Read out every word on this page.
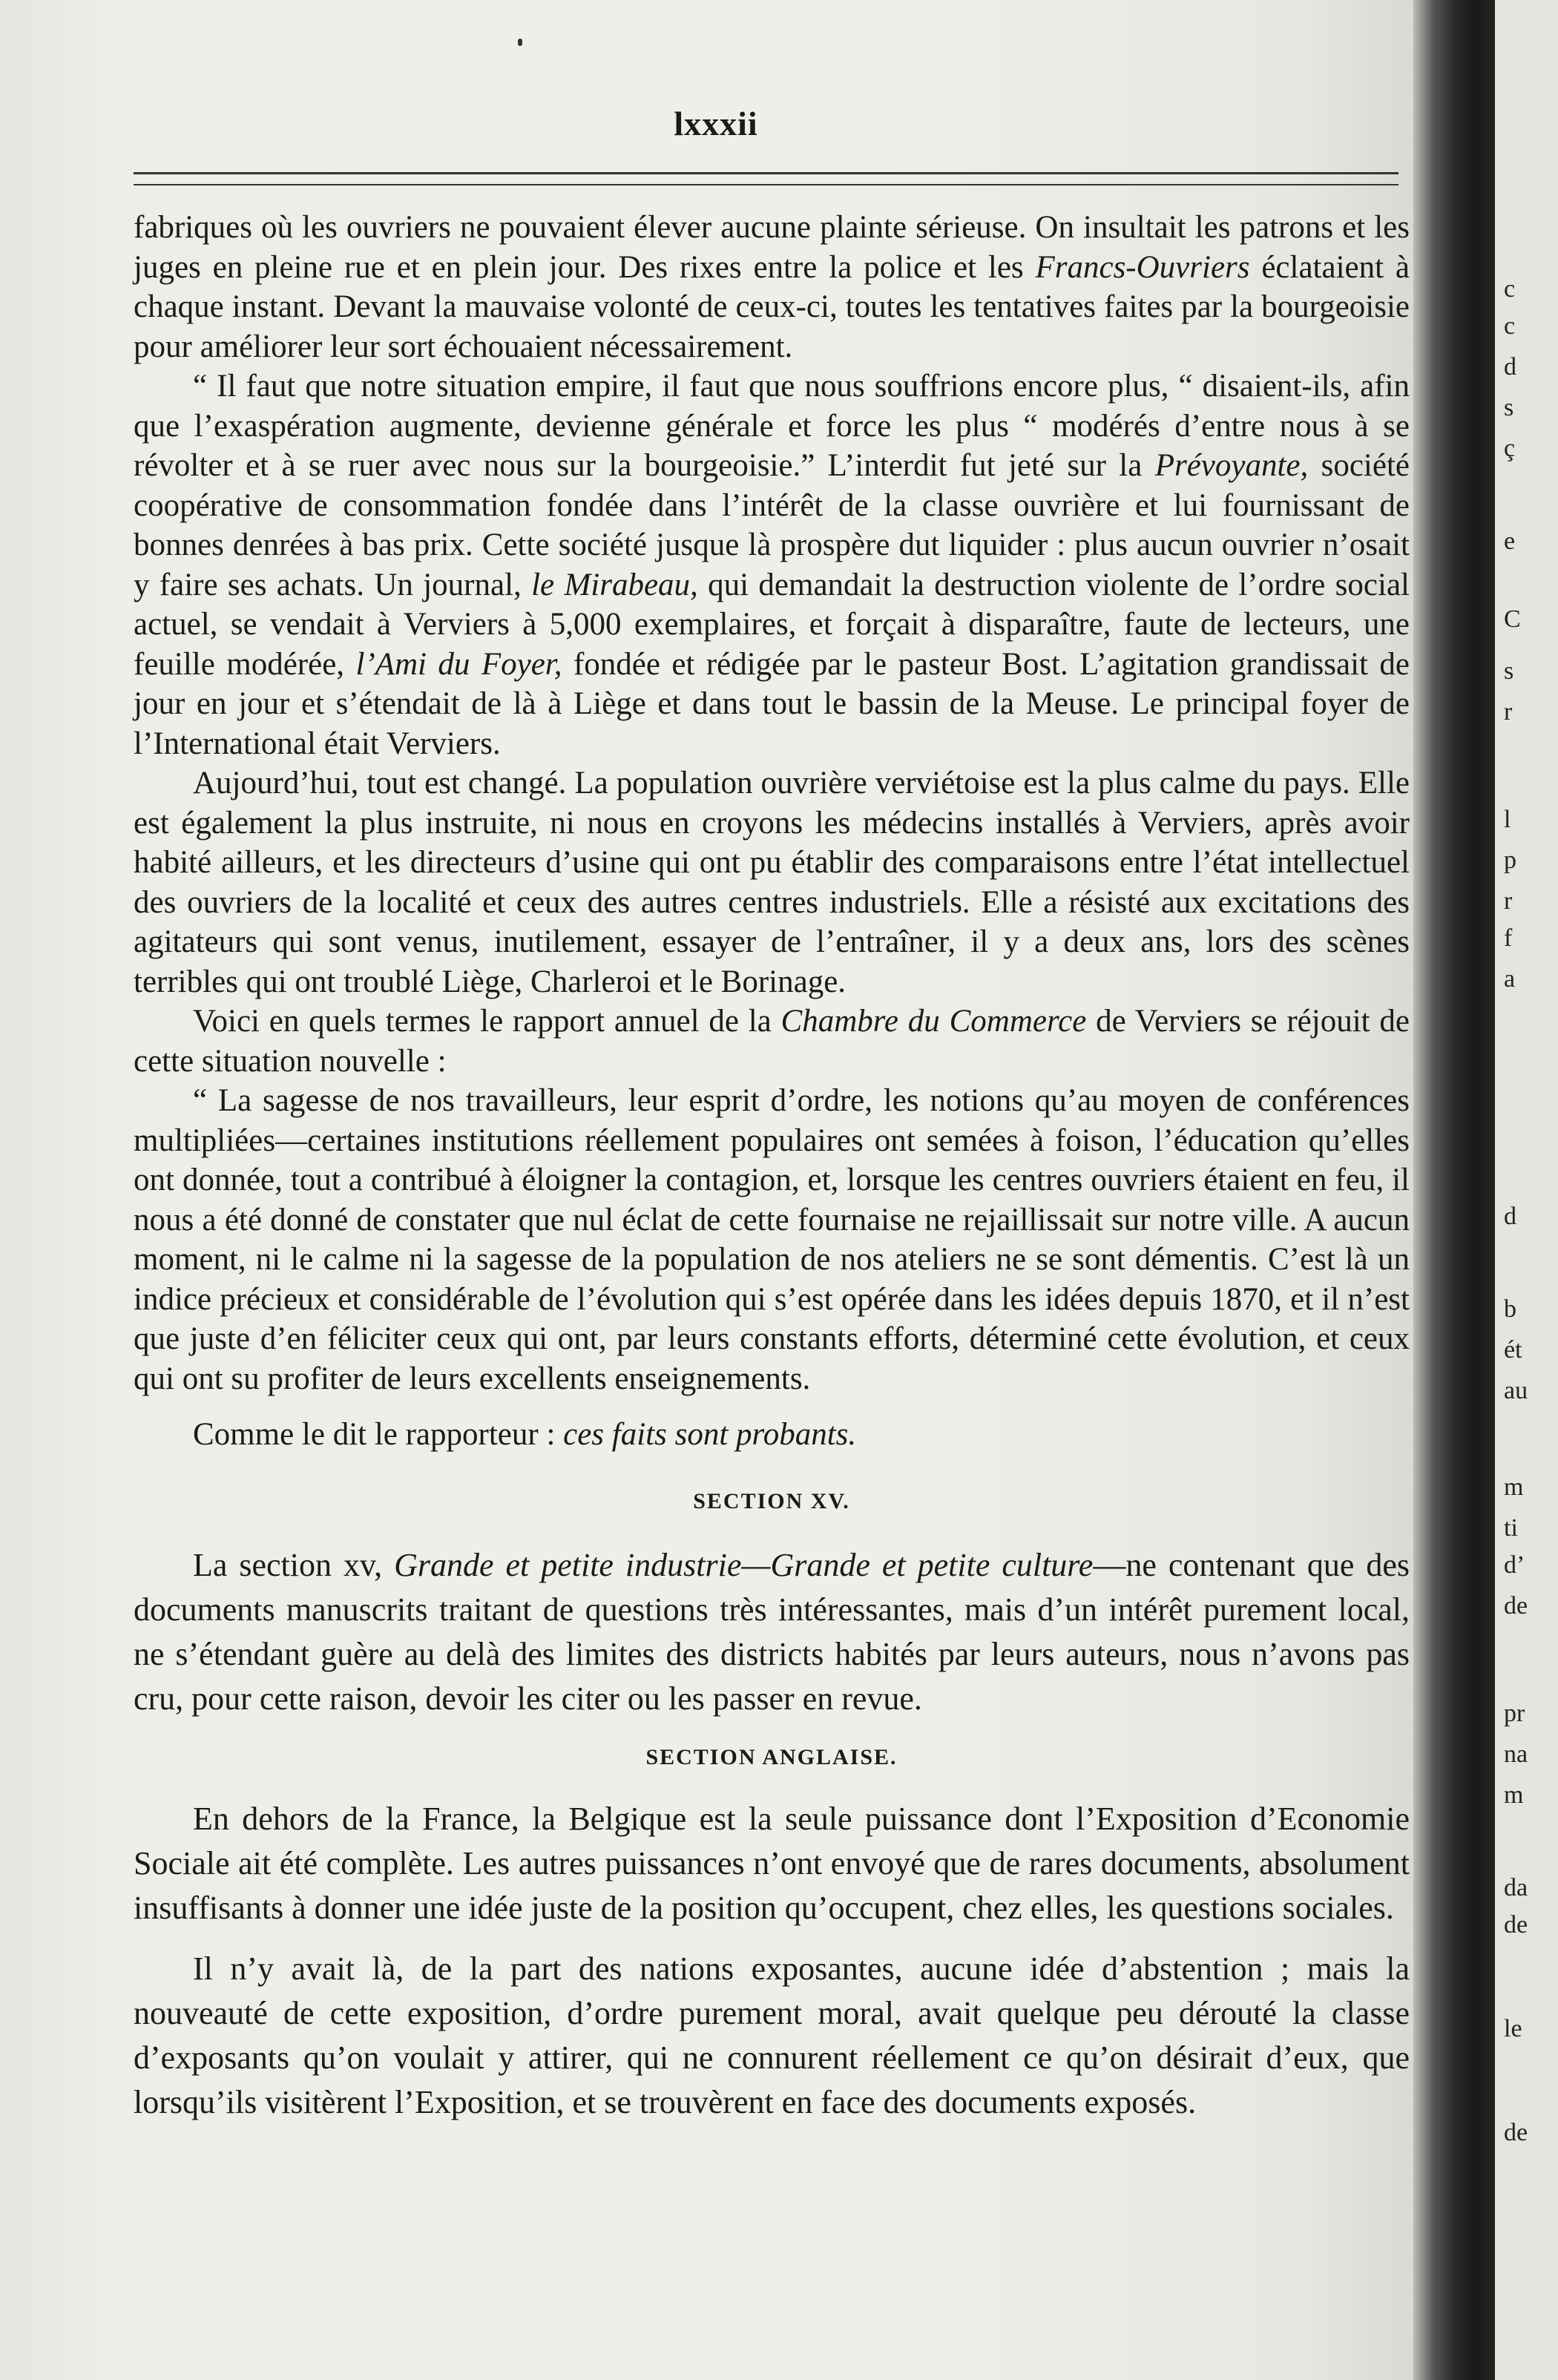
lxxxii

fabriques où les ouvriers ne pouvaient élever aucune plainte sérieuse. On insultait les patrons et les juges en pleine rue et en plein jour. Des rixes entre la police et les Francs-Ouvriers éclataient à chaque instant. Devant la mauvaise volonté de ceux-ci, toutes les tentatives faites par la bourgeoisie pour améliorer leur sort échouaient nécessairement.

“ Il faut que notre situation empire, il faut que nous souffrions encore plus, “ disaient-ils, afin que l’exaspération augmente, devienne générale et force les plus “ modérés d’entre nous à se révolter et à se ruer avec nous sur la bourgeoisie.” L’interdit fut jeté sur la Prévoyante, société coopérative de consommation fondée dans l’intérêt de la classe ouvrière et lui fournissant de bonnes denrées à bas prix. Cette société jusque là prospère dut liquider : plus aucun ouvrier n’osait y faire ses achats. Un journal, le Mirabeau, qui demandait la destruction violente de l’ordre social actuel, se vendait à Verviers à 5,000 exemplaires, et forçait à disparaître, faute de lecteurs, une feuille modérée, l’Ami du Foyer, fondée et rédigée par le pasteur Bost. L’agitation grandissait de jour en jour et s’étendait de là à Liège et dans tout le bassin de la Meuse. Le principal foyer de l’International était Verviers.

Aujourd’hui, tout est changé. La population ouvrière verviétoise est la plus calme du pays. Elle est également la plus instruite, ni nous en croyons les médecins installés à Verviers, après avoir habité ailleurs, et les directeurs d’usine qui ont pu établir des comparaisons entre l’état intellectuel des ouvriers de la localité et ceux des autres centres industriels. Elle a résisté aux excitations des agitateurs qui sont venus, inutilement, essayer de l’entraîner, il y a deux ans, lors des scènes terribles qui ont troublé Liège, Charleroi et le Borinage.

Voici en quels termes le rapport annuel de la Chambre du Commerce de Verviers se réjouit de cette situation nouvelle :

“ La sagesse de nos travailleurs, leur esprit d’ordre, les notions qu’au moyen de conférences multipliées—certaines institutions réellement populaires ont semées à foison, l’éducation qu’elles ont donnée, tout a contribué à éloigner la contagion, et, lorsque les centres ouvriers étaient en feu, il nous a été donné de constater que nul éclat de cette fournaise ne rejaillissait sur notre ville. A aucun moment, ni le calme ni la sagesse de la population de nos ateliers ne se sont démentis. C’est là un indice précieux et considérable de l’évolution qui s’est opérée dans les idées depuis 1870, et il n’est que juste d’en féliciter ceux qui ont, par leurs constants efforts, déterminé cette évolution, et ceux qui ont su profiter de leurs excellents enseignements.

Comme le dit le rapporteur : ces faits sont probants.

SECTION XV.

La section xv, Grande et petite industrie—Grande et petite culture—ne contenant que des documents manuscrits traitant de questions très intéressantes, mais d’un intérêt purement local, ne s’étendant guère au delà des limites des districts habités par leurs auteurs, nous n’avons pas cru, pour cette raison, devoir les citer ou les passer en revue.

SECTION ANGLAISE.

En dehors de la France, la Belgique est la seule puissance dont l’Exposition d’Economie Sociale ait été complète. Les autres puissances n’ont envoyé que de rares documents, absolument insuffisants à donner une idée juste de la position qu’occupent, chez elles, les questions sociales.

Il n’y avait là, de la part des nations exposantes, aucune idée d’abstention ; mais la nouveauté de cette exposition, d’ordre purement moral, avait quelque peu dérouté la classe d’exposants qu’on voulait y attirer, qui ne connurent réellement ce qu’on désirait d’eux, que lorsqu’ils visitèrent l’Exposition, et se trouvèrent en face des documents exposés.

c
c
d
s
ç
e
C
s
r
l
p
r
f
a
d
b
ét
au
m
ti
d’
de
pr
na
m
da
de
le
de
